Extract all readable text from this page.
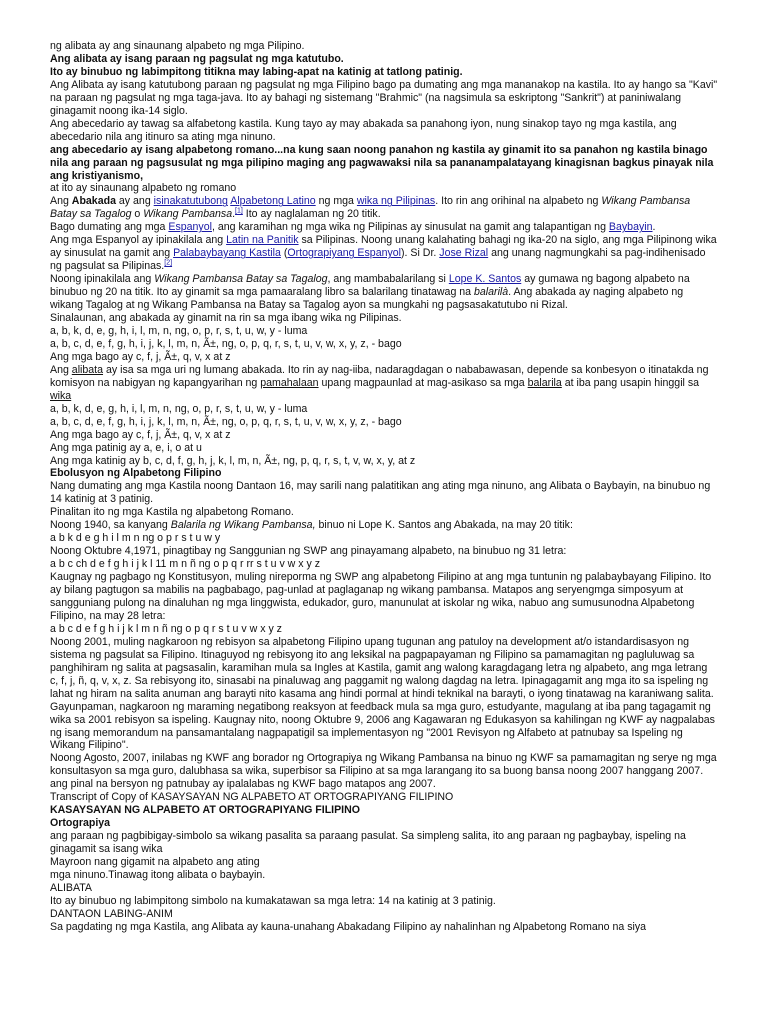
ng alibata ay ang sinaunang alpabeto ng mga Pilipino.
Ang alibata ay isang paraan ng pagsulat ng mga katutubo.
Ito ay binubuo ng labimpitong titikna may labing-apat na katinig at tatlong patinig.
Ang Alibata ay isang katutubong paraan ng pagsulat ng mga Filipino bago pa dumating ang mga mananakop na kastila. Ito ay hango sa "Kavi" na paraan ng pagsulat ng mga taga-java. Ito ay bahagi ng sistemang "Brahmic" (na nagsimula sa eskriptong "Sankrit") at paniniwalang ginagamit noong ika-14 siglo.
Ang abecedario ay tawag sa alfabetong kastila. Kung tayo ay may abakada sa panahong iyon, nung sinakop tayo ng mga kastila, ang abecedario nila ang itinuro sa ating mga ninuno.
ang abecedario ay isang alpabetong romano...na kung saan noong panahon ng kastila ay ginamit ito sa panahon ng kastila binago nila ang paraan ng pagsusulat ng mga pilipino maging ang pagwawaksi nila sa pananampalatayang kinagisnan bagkus pinayak nila ang kristiyanismo,
at ito ay sinaunang alpabeto ng romano
Ang Abakada ay ang isinakatutubong Alpabetong Latino ng mga wika ng Pilipinas. Ito rin ang orihinal na alpabeto ng Wikang Pambansa Batay sa Tagalog o Wikang Pambansa.[1] Ito ay naglalaman ng 20 titik.
Bago dumating ang mga Espanyol, ang karamihan ng mga wika ng Pilipinas ay sinusulat na gamit ang talapantigan ng Baybayin.
Ang mga Espanyol ay ipinakilala ang Latin na Panitik sa Pilipinas. Noong unang kalahating bahagi ng ika-20 na siglo, ang mga Pilipinong wika ay sinusulat na gamit ang Palabaybayang Kastila (Ortograpiyang Espanyol). Si Dr. Jose Rizal ang unang nagmungkahi sa pag-indihenisado ng pagsulat sa Pilipinas.[2]
Noong ipinakilala ang Wikang Pambansa Batay sa Tagalog, ang mambabalarilang si Lope K. Santos ay gumawa ng bagong alpabeto na binubuo ng 20 na titik. Ito ay ginamit sa mga pamaaralang libro sa balarilang tinatawag na balarilà. Ang abakada ay naging alpabeto ng wikang Tagalog at ng Wikang Pambansa na Batay sa Tagalog ayon sa mungkahi ng pagsasakatutubo ni Rizal.
Sinalaunan, ang abakada ay ginamit na rin sa mga ibang wika ng Pilipinas.
a, b, k, d, e, g, h, i, l, m, n, ng, o, p, r, s, t, u, w, y - luma
a, b, c, d, e, f, g, h, i, j, k, l, m, n, Ã±, ng, o, p, q, r, s, t, u, v, w, x, y, z, - bago
Ang mga bago ay c, f, j, Ã±, q, v, x at z
Ang alibata ay isa sa mga uri ng lumang abakada. Ito rin ay nag-iiba, nadaragdagan o nababawasan, depende sa konbesyon o itinatakda ng komisyon na nabigyan ng kapangyarihan ng pamahalaan upang magpaunlad at mag-asikaso sa mga balarila at iba pang usapin hinggil sa wika
a, b, k, d, e, g, h, i, l, m, n, ng, o, p, r, s, t, u, w, y - luma
a, b, c, d, e, f, g, h, i, j, k, l, m, n, Ã±, ng, o, p, q, r, s, t, u, v, w, x, y, z, - bago
Ang mga bago ay c, f, j, Ã±, q, v, x at z
Ang mga patinig ay a, e, i, o at u
Ang mga katinig ay b, c, d, f, g, h, j, k, l, m, n, Ã±, ng, p, q, r, s, t, v, w, x, y, at z
Ebolusyon ng Alpabetong Filipino
Nang dumating ang mga Kastila noong Dantaon 16, may sarili nang palatitikan ang ating mga ninuno, ang Alibata o Baybayin, na binubuo ng 14 katinig at 3 patinig.
Pinalitan ito ng mga Kastila ng alpabetong Romano.
Noong 1940, sa kanyang Balarila ng Wikang Pambansa, binuo ni Lope K. Santos ang Abakada, na may 20 titik:
a b k d e g h i l m n ng o p r s t u w y
Noong Oktubre 4,1971, pinagtibay ng Sanggunian ng SWP ang pinayamang alpabeto, na binubuo ng 31 letra:
a b c ch d e f g h i j k l 11 m n ñ ng o p q r rr s t u v w x y z
Kaugnay ng pagbago ng Konstitusyon, muling nireporma ng SWP ang alpabetong Filipino at ang mga tuntunin ng palabaybayang Filipino. Ito ay bilang pagtugon sa mabilis na pagbabago, pag-unlad at paglaganap ng wikang pambansa. Matapos ang seryengmga simposyum at sangguniang pulong na dinaluhan ng mga linggwista, edukador, guro, manunulat at iskolar ng wika, nabuo ang sumusunodna Alpabetong Filipino, na may 28 letra:
a b c d e f g h i j k l m n ñ ng o p q r s t u v w x y z
Noong 2001, muling nagkaroon ng rebisyon sa alpabetong Filipino upang tugunan ang patuloy na development at/o istandardisasyon ng sistema ng pagsulat sa Filipino. Itinaguyod ng rebisyong ito ang leksikal na pagpapayaman ng Filipino sa pamamagitan ng pagluluwag sa panghihiram ng salita at pagsasalin, karamihan mula sa Ingles at Kastila, gamit ang walong karagdagang letra ng alpabeto, ang mga letrang c, f, j, ñ, q, v, x, z. Sa rebisyong ito, sinasabi na pinaluwag ang paggamit ng walong dagdag na letra. Ipinagagamit ang mga ito sa ispeling ng lahat ng hiram na salita anuman ang barayti nito kasama ang hindi pormal at hindi teknikal na barayti, o iyong tinatawag na karaniwang salita.
Gayunpaman, nagkaroon ng maraming negatibong reaksyon at feedback mula sa mga guro, estudyante, magulang at iba pang tagagamit ng wika sa 2001 rebisyon sa ispeling. Kaugnay nito, noong Oktubre 9, 2006 ang Kagawaran ng Edukasyon sa kahilingan ng KWF ay nagpalabas ng isang memorandum na pansamantalang nagpapatigil sa implementasyon ng "2001 Revisyon ng Alfabeto at patnubay sa Ispeling ng Wikang Filipino".
Noong Agosto, 2007, inilabas ng KWF ang borador ng Ortograpiya ng Wikang Pambansa na binuo ng KWF sa pamamagitan ng serye ng mga konsultasyon sa mga guro, dalubhasa sa wika, superbisor sa Filipino at sa mga larangang ito sa buong bansa noong 2007 hanggang 2007. ang pinal na bersyon ng patnubay ay ipalalabas ng KWF bago matapos ang 2007.
Transcript of Copy of KASAYSAYAN NG ALPABETO AT ORTOGRAPIYANG FILIPINO
KASAYSAYAN NG ALPABETO AT ORTOGRAPIYANG FILIPINO
Ortograpiya
ang paraan ng pagbibigay-simbolo sa wikang pasalita sa paraang pasulat. Sa simpleng salita, ito ang paraan ng pagbaybay, ispeling na ginagamit sa isang wika
Mayroon nang gigamit na alpabeto ang ating
mga ninuno.Tinawag itong alibata o baybayin.
ALIBATA
Ito ay binubuo ng labimpitong simbolo na kumakatawan sa mga letra: 14 na katinig at 3 patinig.
DANTAON LABING-ANIM
Sa pagdating ng mga Kastila, ang Alibata ay kauna-unahang Abakadang Filipino ay nahalinhan ng Alpabetong Romano na siya
